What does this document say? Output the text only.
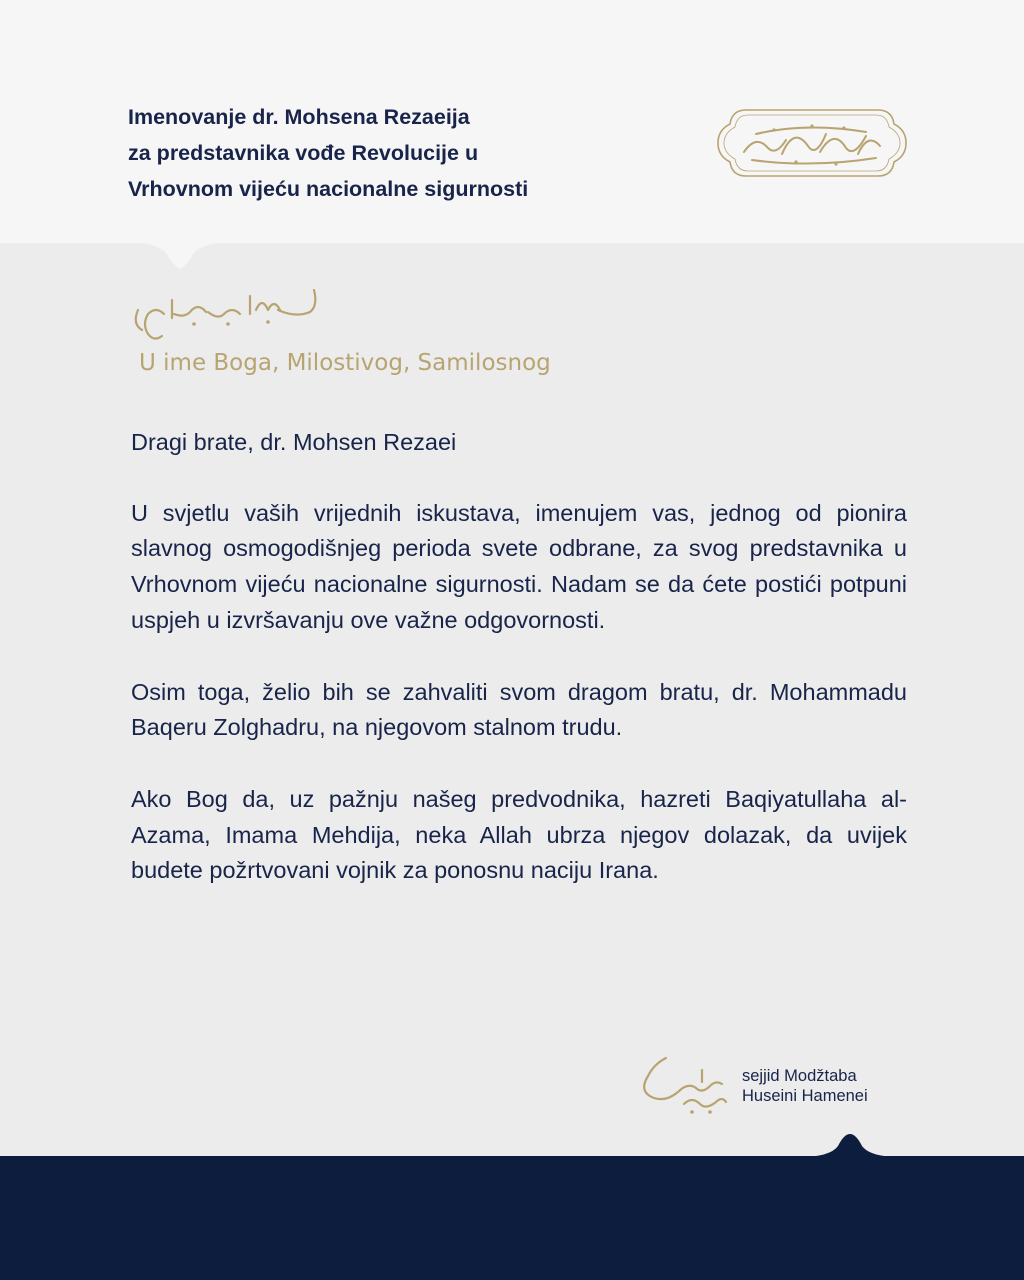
Imenovanje dr. Mohsena Rezaeija
za predstavnika vođe Revolucije u
Vrhovnom vijeću nacionalne sigurnosti

U ime Boga, Milostivog, Samilosnog

Dragi brate, dr. Mohsen Rezaei

U svjetlu vaših vrijednih iskustava, imenujem vas, jednog od pionira slavnog osmogodišnjeg perioda svete odbrane, za svog predstavnika u Vrhovnom vijeću nacionalne sigurnosti. Nadam se da ćete postići potpuni uspjeh u izvršavanju ove važne odgovornosti.

Osim toga, želio bih se zahvaliti svom dragom bratu, dr. Mohammadu Baqeru Zolghadru, na njegovom stalnom trudu.

Ako Bog da, uz pažnju našeg predvodnika, hazreti Baqiyatullaha al-Azama, Imama Mehdija, neka Allah ubrza njegov dolazak, da uvijek budete požrtvovani vojnik za ponosnu naciju Irana.

sejjid Modžtaba
Huseini Hamenei
